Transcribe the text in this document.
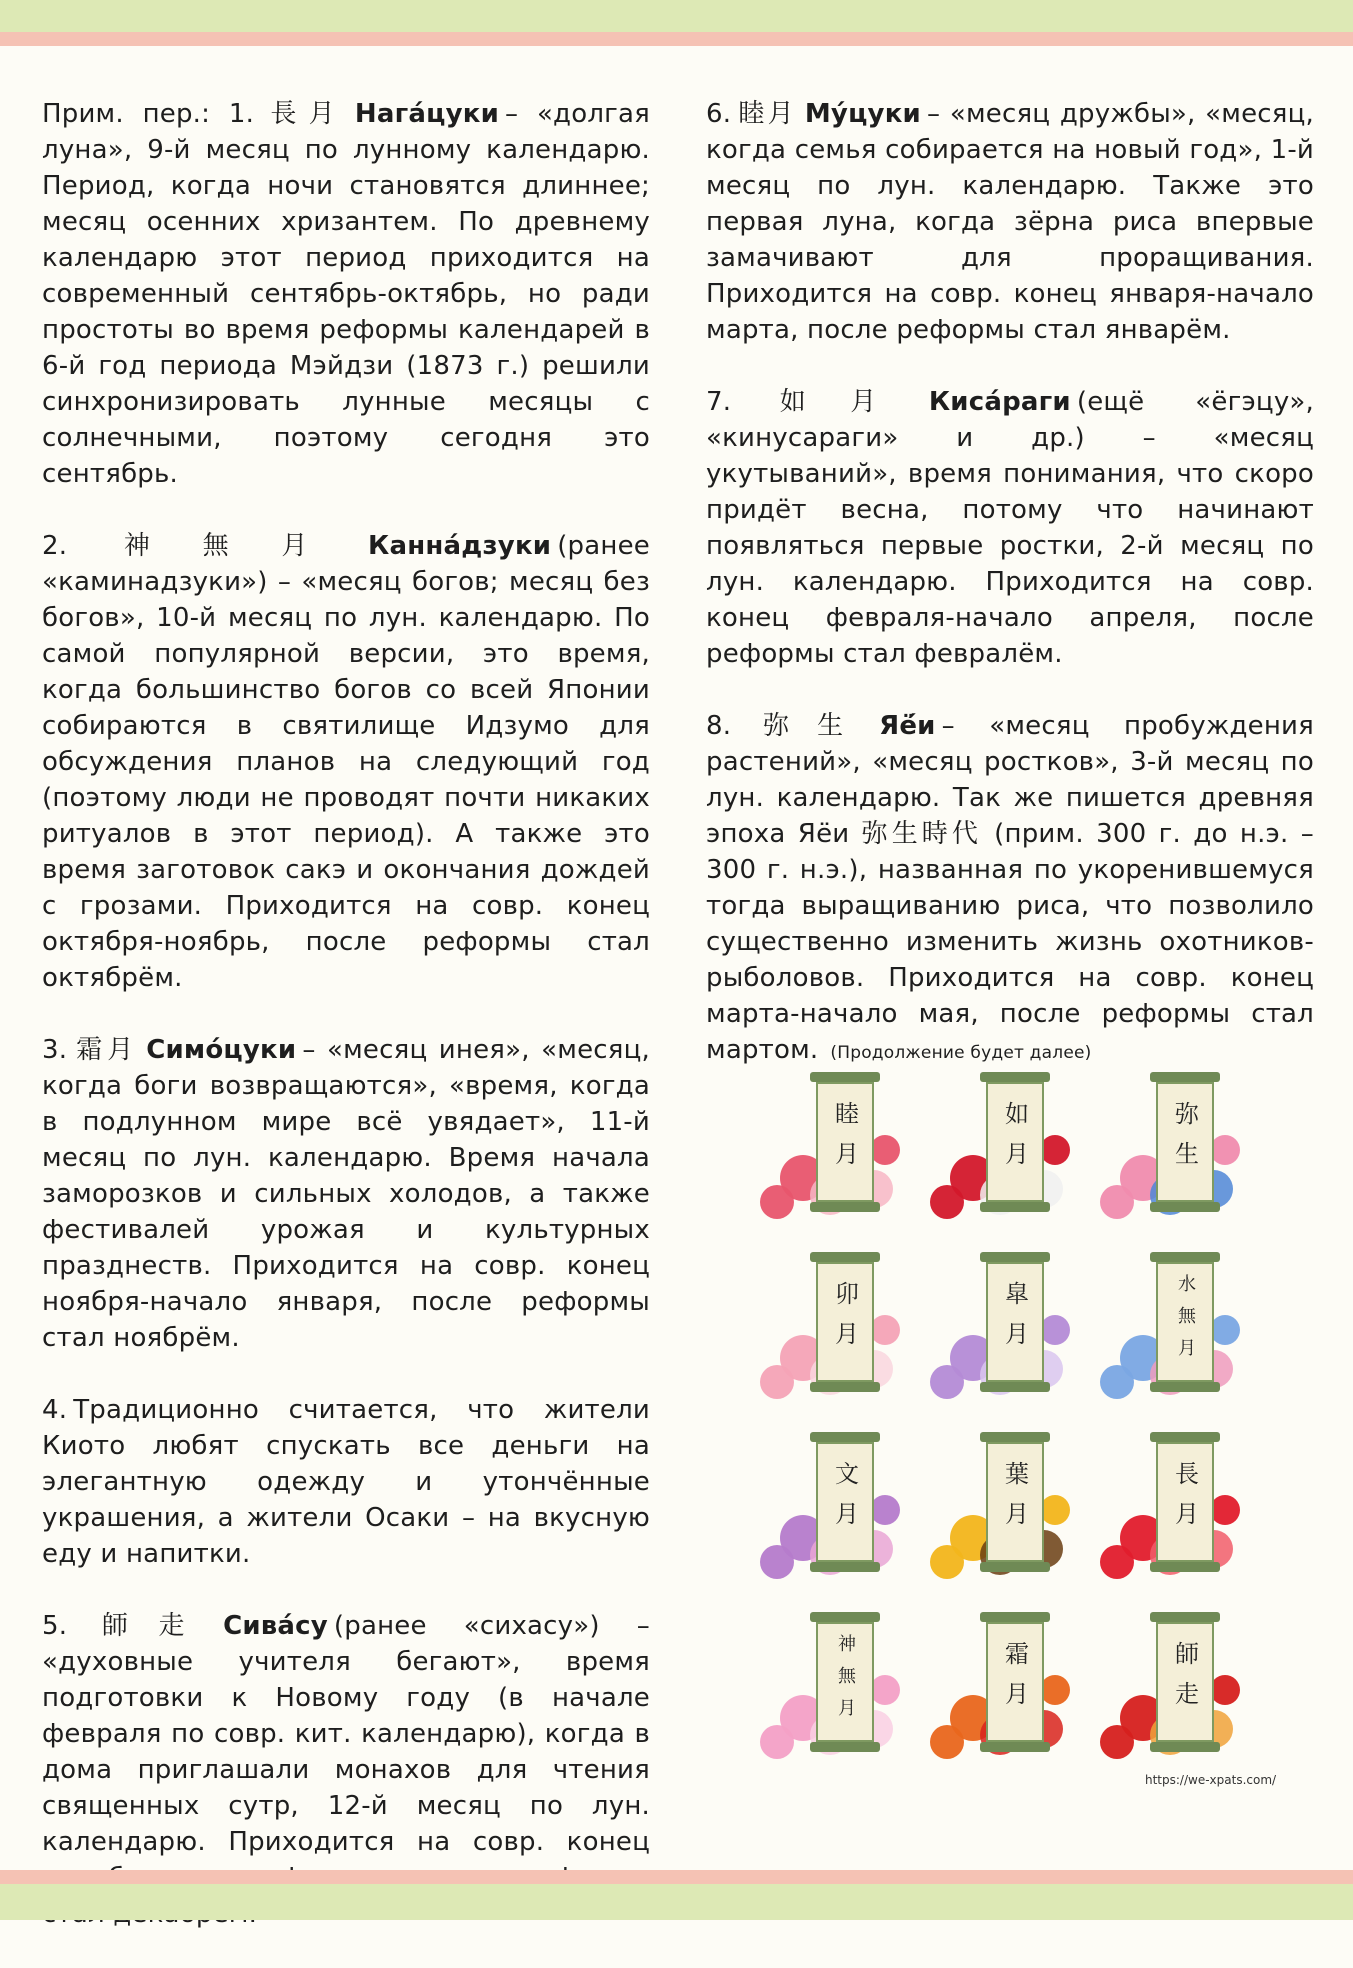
Прим. пер.: 1. 長月 Нага́цуки – «долгая луна», 9-й месяц по лунному календарю. Период, когда ночи становятся длиннее; месяц осенних хризантем. По древнему календарю этот период приходится на современный сентябрь-октябрь, но ради простоты во время реформы календарей в 6-й год периода Мэйдзи (1873 г.) решили синхронизировать лунные месяцы с солнечными, поэтому сегодня это сентябрь.

2. 神無月 Канна́дзуки (ранее «каминадзуки») – «месяц богов; месяц без богов», 10-й месяц по лун. календарю. По самой популярной версии, это время, когда большинство богов со всей Японии собираются в святилище Идзумо для обсуждения планов на следующий год (поэтому люди не проводят почти никаких ритуалов в этот период). А также это время заготовок сакэ и окончания дождей с грозами. Приходится на совр. конец октября-ноябрь, после реформы стал октябрём.

3. 霜月 Симо́цуки – «месяц инея», «месяц, когда боги возвращаются», «время, когда в подлунном мире всё увядает», 11-й месяц по лун. календарю. Время начала заморозков и сильных холодов, а также фестивалей урожая и культурных празднеств. Приходится на совр. конец ноября-начало января, после реформы стал ноябрём.

4. Традиционно считается, что жители Киото любят спускать все деньги на элегантную одежду и утончённые украшения, а жители Осаки – на вкусную еду и напитки.

5. 師走 Сива́су (ранее «сихасу») – «духовные учителя бегают», время подготовки к Новому году (в начале февраля по совр. кит. календарю), когда в дома приглашали монахов для чтения священных сутр, 12-й месяц по лун. календарю. Приходится на совр. конец

6. 睦月 Му́цуки – «месяц дружбы», «месяц, когда семья собирается на новый год», 1-й месяц по лун. календарю. Также это первая луна, когда зёрна риса впервые замачивают для проращивания. Приходится на совр. конец января-начало марта, после реформы стал январём.

7. 如月 Киса́раги (ещё «ёгэцу», «кинусараги» и др.) – «месяц укутываний», время понимания, что скоро придёт весна, потому что начинают появляться первые ростки, 2-й месяц по лун. календарю. Приходится на совр. конец февраля-начало апреля, после реформы стал февралём.

8. 弥生 Яё́и – «месяц пробуждения растений», «месяц ростков», 3-й месяц по лун. календарю. Так же пишется древняя эпоха Яёи 弥生時代 (прим. 300 г. до н.э. – 300 г. н.э.), названная по укоренившемуся тогда выращиванию риса, что позволило существенно изменить жизнь охотников-рыболовов. Приходится на совр. конец марта-начало мая, после реформы стал мартом. (Продолжение будет далее)

睦
月
如
月
弥
生
卯
月
皐
月
水
無
月
文
月
葉
月
長
月
神
無
月
霜
月
師
走
https://we-xpats.com/
